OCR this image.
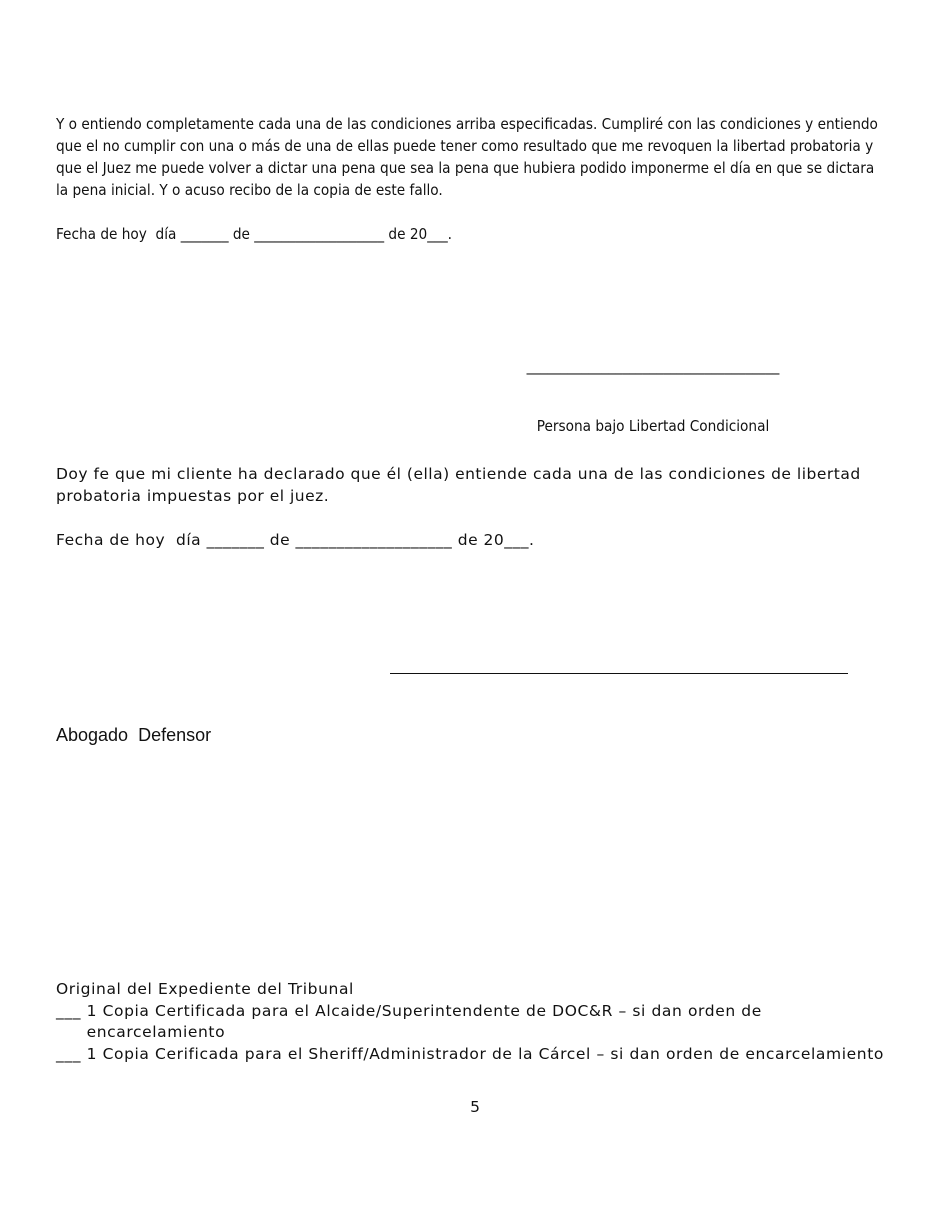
Y o entiendo completamente cada una de las condiciones arriba especificadas. Cumpliré con las condiciones y entiendo que el no cumplir con una o más de una de ellas puede tener como resultado que me revoquen la libertad probatoria y que el Juez me puede volver a dictar una pena que sea la pena que hubiera podido imponerme el día en que se dictara la pena inicial. Y o acuso recibo de la copia de este fallo.

Fecha de hoy  día _______ de ___________________ de 20___.

_____________________________________

Persona bajo Libertad Condicional

Doy fe que mi cliente ha declarado que él (ella) entiende cada una de las condiciones de libertad probatoria impuestas por el juez.
Fecha de hoy  día _______ de ___________________ de 20___.
Abogado  Defensor
Original del Expediente del Tribunal
___ 1 Copia Certificada para el Alcaide/Superintendente de DOC&R – si dan orden de encarcelamiento
___ 1 Copia Cerificada para el Sheriff/Administrador de la Cárcel – si dan orden de encarcelamiento
5
